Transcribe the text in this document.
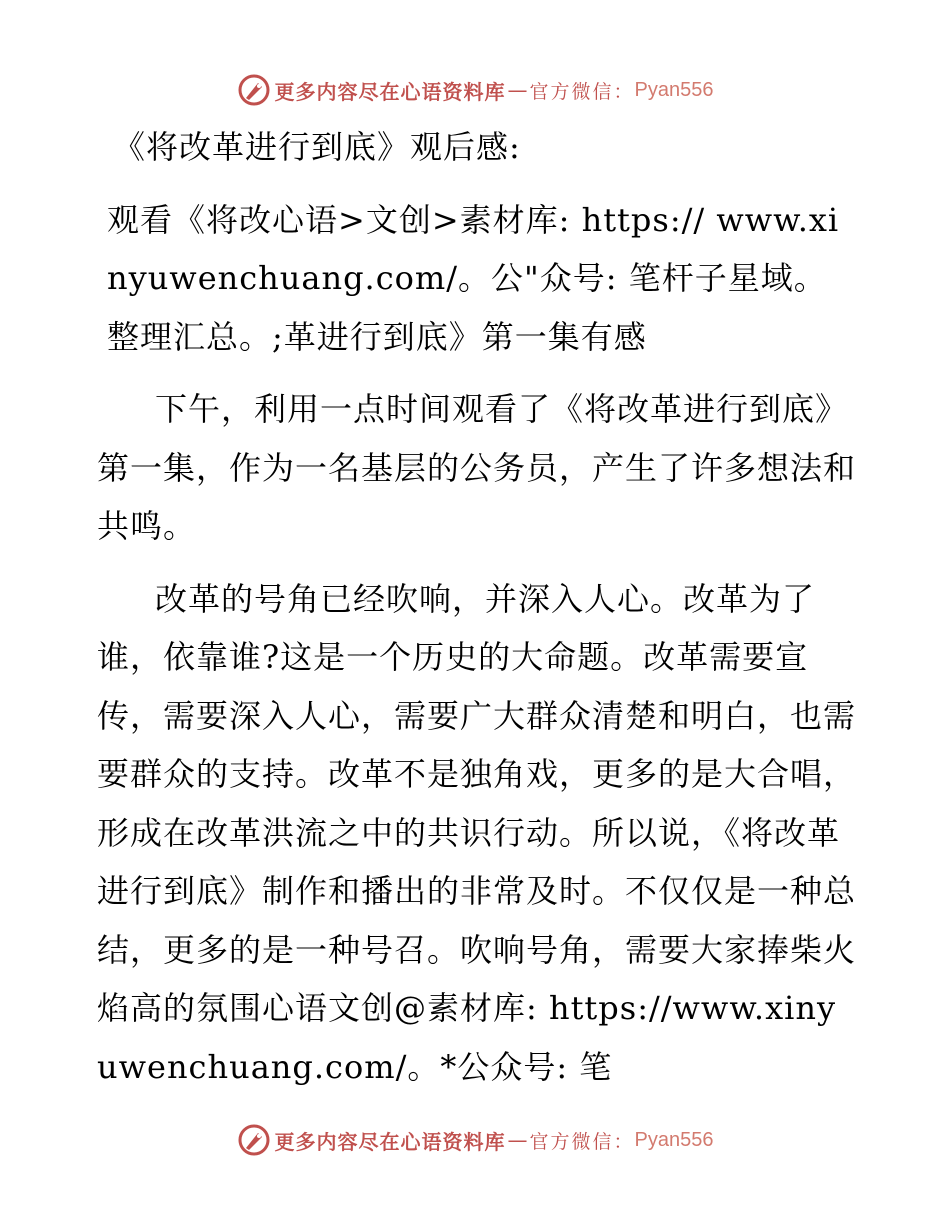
更多内容尽在心语资料库 — 官方微信： Pyan556

《将改革进行到底》观后感:

观看《将改心语>文创>素材库: https:// www.xinyuwenchuang.com/。公"众号: 笔杆子星域。整理汇总。;革进行到底》第一集有感

下午，利用一点时间观看了《将改革进行到底》第一集，作为一名基层的公务员，产生了许多想法和共鸣。

改革的号角已经吹响，并深入人心。改革为了谁，依靠谁?这是一个历史的大命题。改革需要宣传，需要深入人心，需要广大群众清楚和明白，也需要群众的支持。改革不是独角戏，更多的是大合唱，形成在改革洪流之中的共识行动。所以说，《将改革进行到底》制作和播出的非常及时。不仅仅是一种总结，更多的是一种号召。吹响号角，需要大家捧柴火焰高的氛围心语文创@素材库: https://www.xinyuwenchuang.com/。*公众号: 笔

更多内容尽在心语资料库 — 官方微信： Pyan556
